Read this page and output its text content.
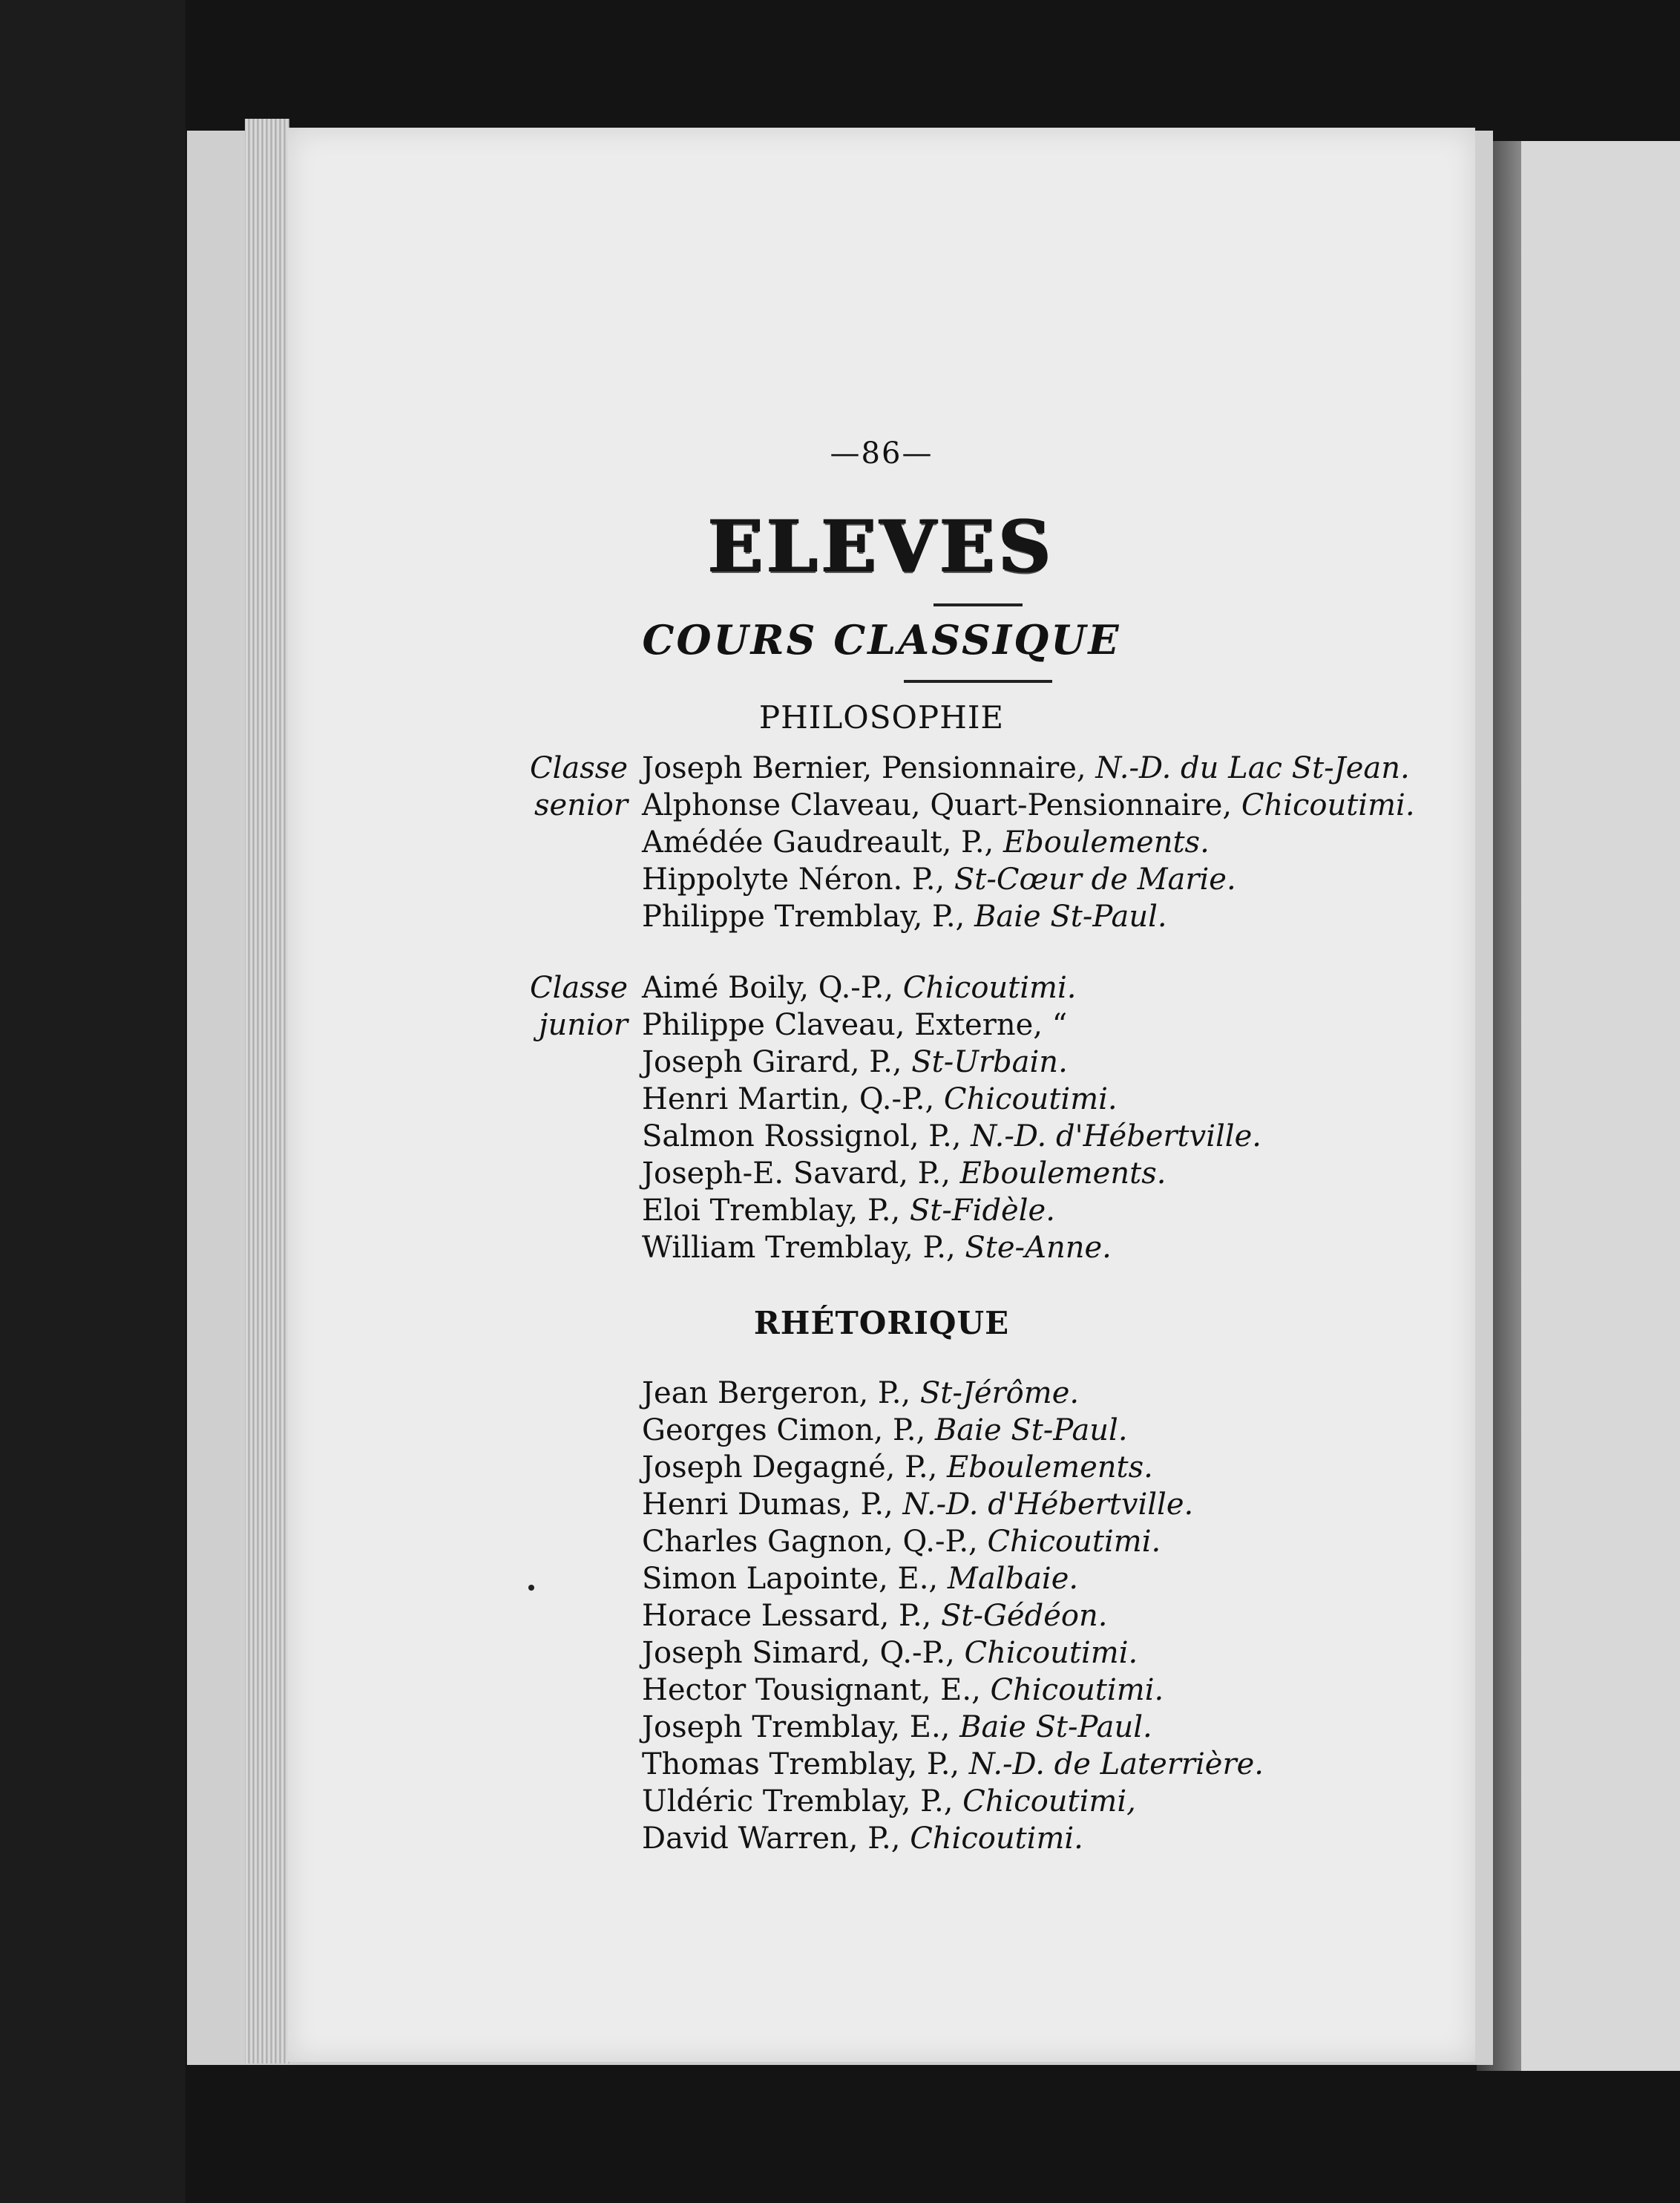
—86—
ELEVES
COURS CLASSIQUE
PHILOSOPHIE
Classe
senior
Joseph Bernier, Pensionnaire, N.-D. du Lac St-Jean.
Alphonse Claveau, Quart-Pensionnaire, Chicoutimi.
Amédée Gaudreault, P., Eboulements.
Hippolyte Néron. P., St-Cœur de Marie.
Philippe Tremblay, P., Baie St-Paul.
Classe
junior
Aimé Boily, Q.-P., Chicoutimi.
Philippe Claveau, Externe, “
Joseph Girard, P., St-Urbain.
Henri Martin, Q.-P., Chicoutimi.
Salmon Rossignol, P., N.-D. d'Hébertville.
Joseph-E. Savard, P., Eboulements.
Eloi Tremblay, P., St-Fidèle.
William Tremblay, P., Ste-Anne.
RHÉTORIQUE
Jean Bergeron, P., St-Jérôme.
Georges Cimon, P., Baie St-Paul.
Joseph Degagné, P., Eboulements.
Henri Dumas, P., N.-D. d'Hébertville.
Charles Gagnon, Q.-P., Chicoutimi.
Simon Lapointe, E., Malbaie.
Horace Lessard, P., St-Gédéon.
Joseph Simard, Q.-P., Chicoutimi.
Hector Tousignant, E., Chicoutimi.
Joseph Tremblay, E., Baie St-Paul.
Thomas Tremblay, P., N.-D. de Laterrière.
Uldéric Tremblay, P., Chicoutimi,
David Warren, P., Chicoutimi.
